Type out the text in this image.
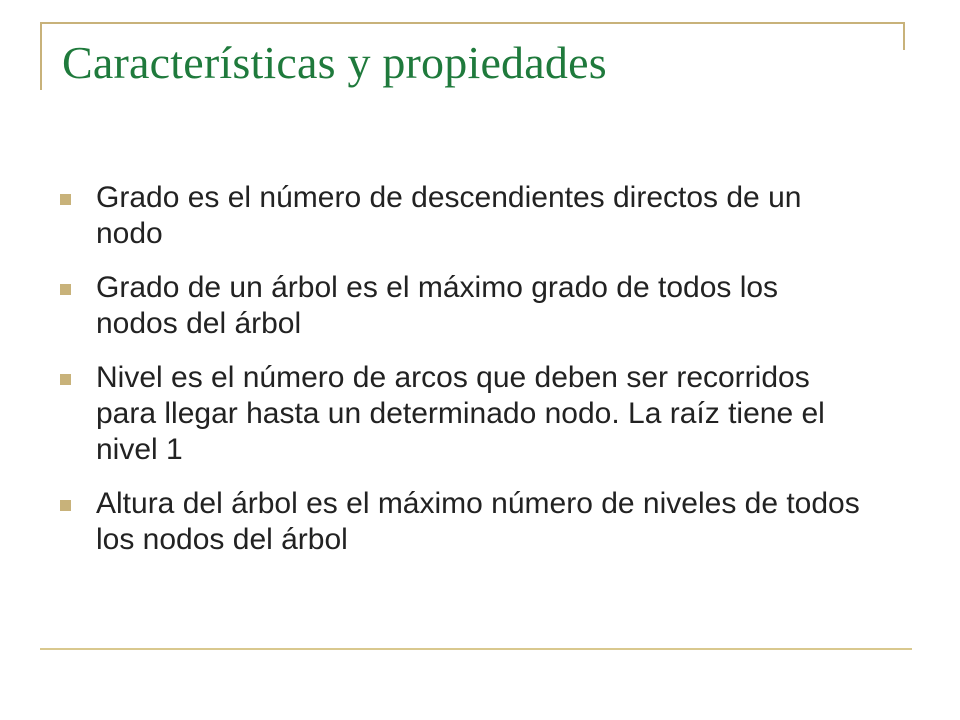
Características y propiedades
Grado es el número de descendientes directos de un nodo
Grado de un árbol es el máximo grado de todos los nodos del árbol
Nivel es el número de arcos que deben ser recorridos para llegar hasta un determinado nodo. La raíz tiene el nivel 1
Altura del árbol es el máximo número de niveles de todos los nodos del árbol
